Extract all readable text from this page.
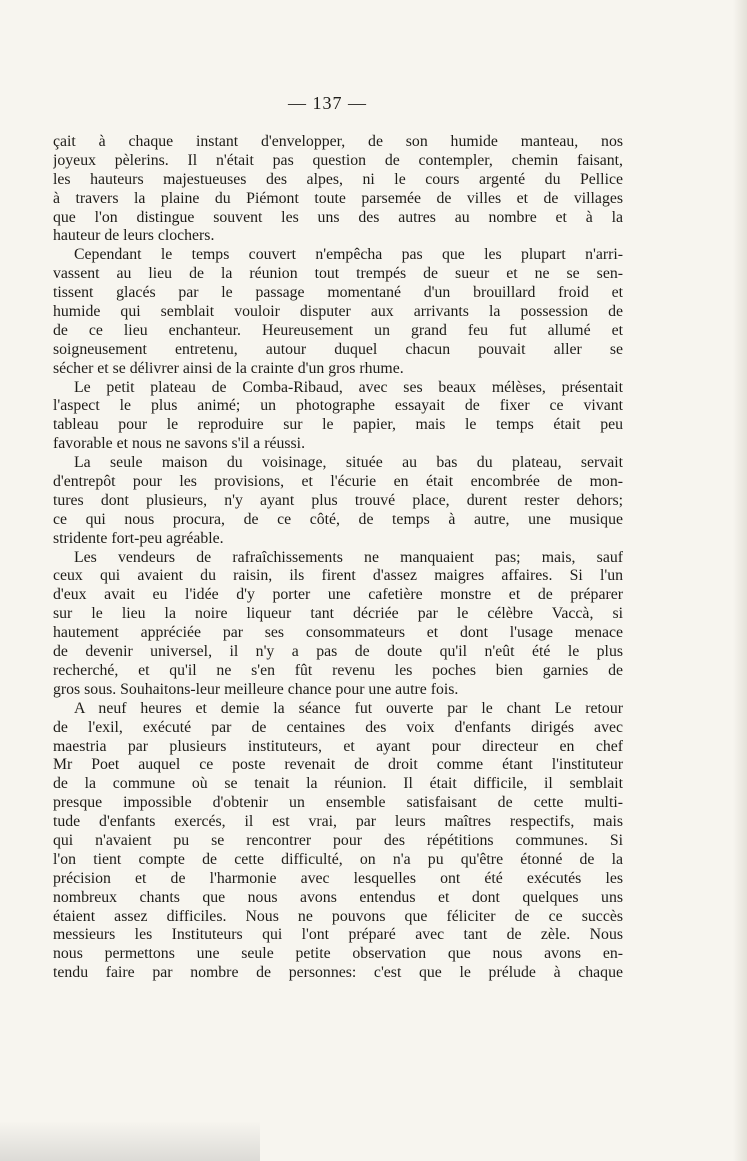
— 137 —
çait à chaque instant d'envelopper, de son humide manteau, nos
joyeux pèlerins. Il n'était pas question de contempler, chemin faisant,
les hauteurs majestueuses des alpes, ni le cours argenté du Pellice
à travers la plaine du Piémont toute parsemée de villes et de villages
que l'on distingue souvent les uns des autres au nombre et à la
hauteur de leurs clochers.
Cependant le temps couvert n'empêcha pas que les plupart n'arri-
vassent au lieu de la réunion tout trempés de sueur et ne se sen-
tissent glacés par le passage momentané d'un brouillard froid et
humide qui semblait vouloir disputer aux arrivants la possession de
de ce lieu enchanteur. Heureusement un grand feu fut allumé et
soigneusement entretenu, autour duquel chacun pouvait aller se
sécher et se délivrer ainsi de la crainte d'un gros rhume.
Le petit plateau de Comba-Ribaud, avec ses beaux mélèses, présentait
l'aspect le plus animé; un photographe essayait de fixer ce vivant
tableau pour le reproduire sur le papier, mais le temps était peu
favorable et nous ne savons s'il a réussi.
La seule maison du voisinage, située au bas du plateau, servait
d'entrepôt pour les provisions, et l'écurie en était encombrée de mon-
tures dont plusieurs, n'y ayant plus trouvé place, durent rester dehors;
ce qui nous procura, de ce côté, de temps à autre, une musique
stridente fort-peu agréable.
Les vendeurs de rafraîchissements ne manquaient pas; mais, sauf
ceux qui avaient du raisin, ils firent d'assez maigres affaires. Si l'un
d'eux avait eu l'idée d'y porter une cafetière monstre et de préparer
sur le lieu la noire liqueur tant décriée par le célèbre Vaccà, si
hautement appréciée par ses consommateurs et dont l'usage menace
de devenir universel, il n'y a pas de doute qu'il n'eût été le plus
recherché, et qu'il ne s'en fût revenu les poches bien garnies de
gros sous. Souhaitons-leur meilleure chance pour une autre fois.
A neuf heures et demie la séance fut ouverte par le chant Le retour
de l'exil, exécuté par de centaines des voix d'enfants dirigés avec
maestria par plusieurs instituteurs, et ayant pour directeur en chef
Mr Poet auquel ce poste revenait de droit comme étant l'instituteur
de la commune où se tenait la réunion. Il était difficile, il semblait
presque impossible d'obtenir un ensemble satisfaisant de cette multi-
tude d'enfants exercés, il est vrai, par leurs maîtres respectifs, mais
qui n'avaient pu se rencontrer pour des répétitions communes. Si
l'on tient compte de cette difficulté, on n'a pu qu'être étonné de la
précision et de l'harmonie avec lesquelles ont été exécutés les
nombreux chants que nous avons entendus et dont quelques uns
étaient assez difficiles. Nous ne pouvons que féliciter de ce succès
messieurs les Instituteurs qui l'ont préparé avec tant de zèle. Nous
nous permettons une seule petite observation que nous avons en-
tendu faire par nombre de personnes: c'est que le prélude à chaque
